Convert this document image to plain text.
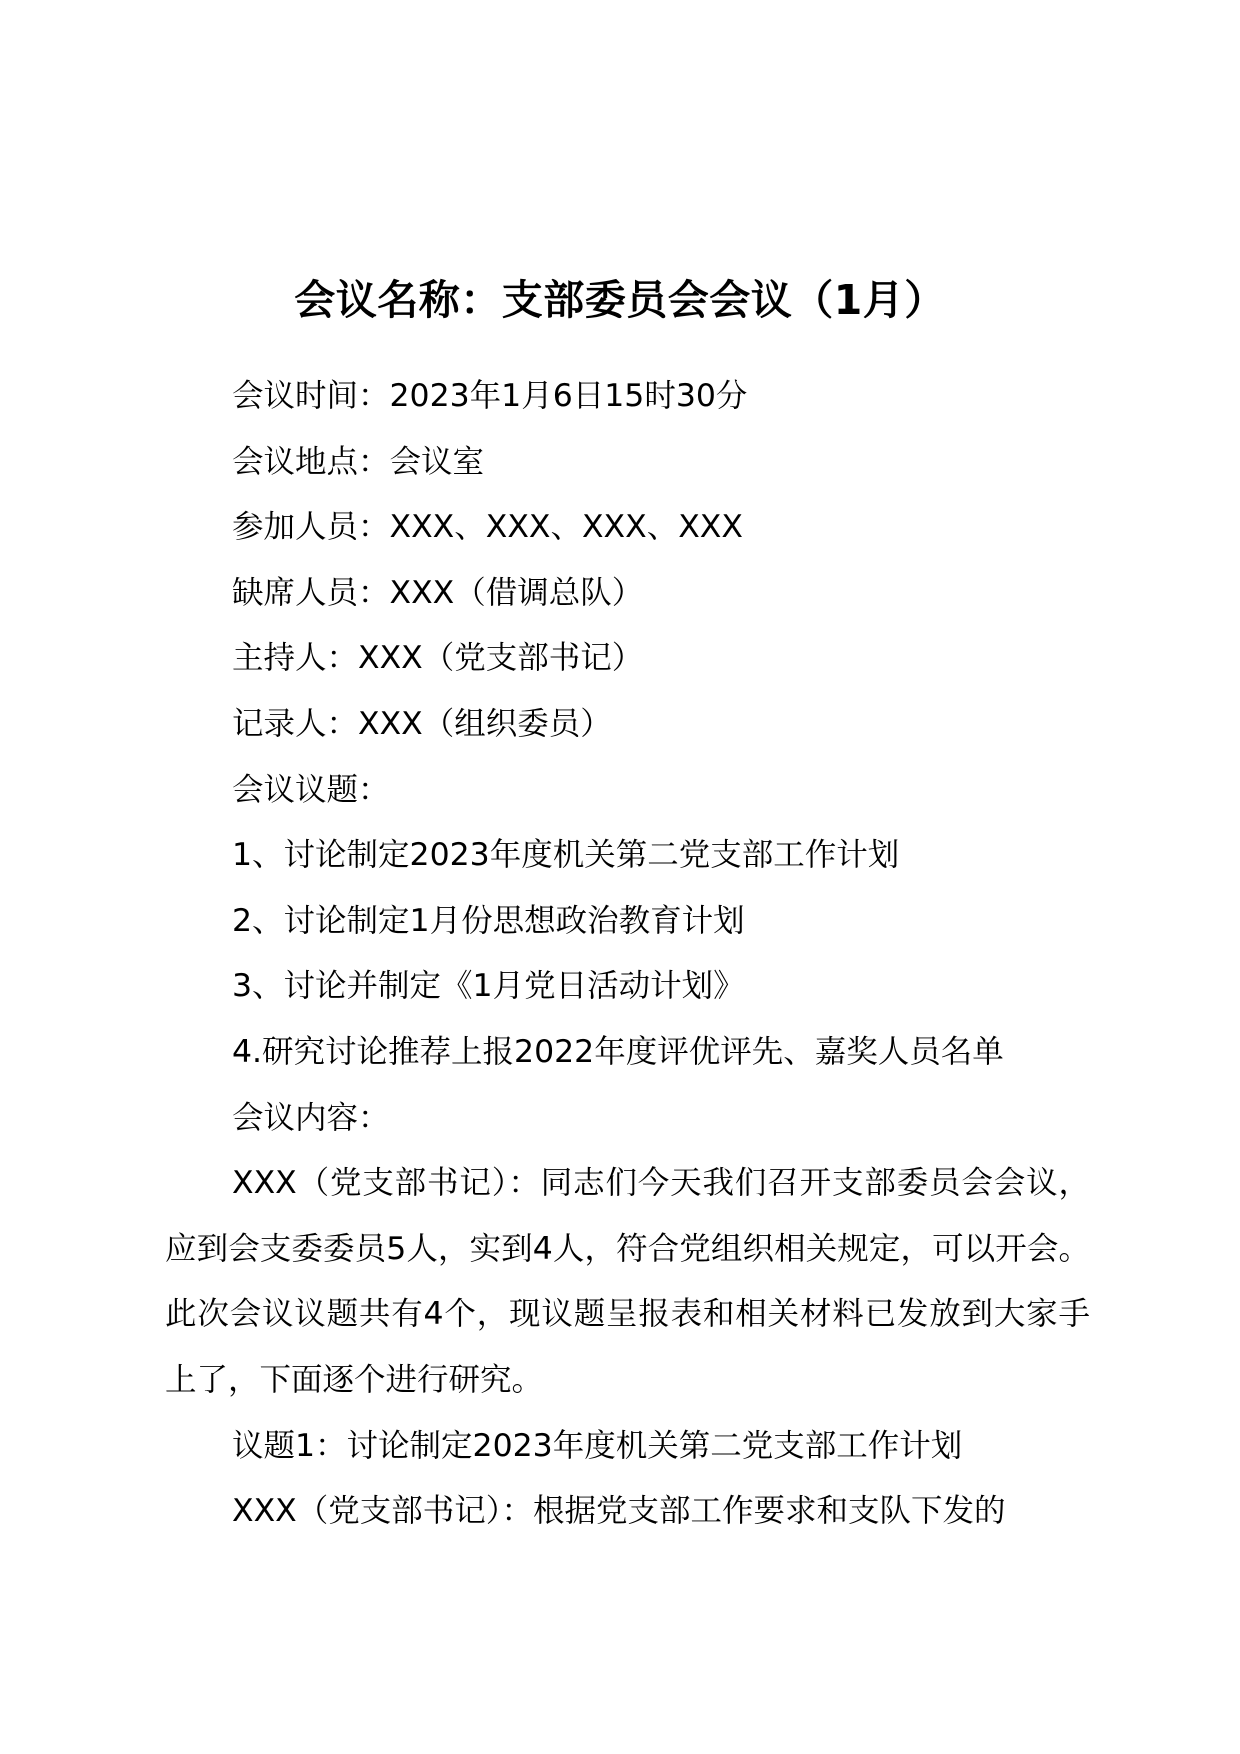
会议名称：支部委员会会议（1月）

会议时间：2023年1月6日15时30分

会议地点：会议室

参加人员：XXX、XXX、XXX、XXX

缺席人员：XXX（借调总队）

主持人：XXX（党支部书记）

记录人：XXX（组织委员）

会议议题：

1、讨论制定2023年度机关第二党支部工作计划

2、讨论制定1月份思想政治教育计划

3、讨论并制定《1月党日活动计划》

4.研究讨论推荐上报2022年度评优评先、嘉奖人员名单

会议内容：

XXX（党支部书记）：同志们今天我们召开支部委员会会议，应到会支委委员5人，实到4人，符合党组织相关规定，可以开会。此次会议议题共有4个，现议题呈报表和相关材料已发放到大家手上了，下面逐个进行研究。

议题1：讨论制定2023年度机关第二党支部工作计划

XXX（党支部书记）：根据党支部工作要求和支队下发的
